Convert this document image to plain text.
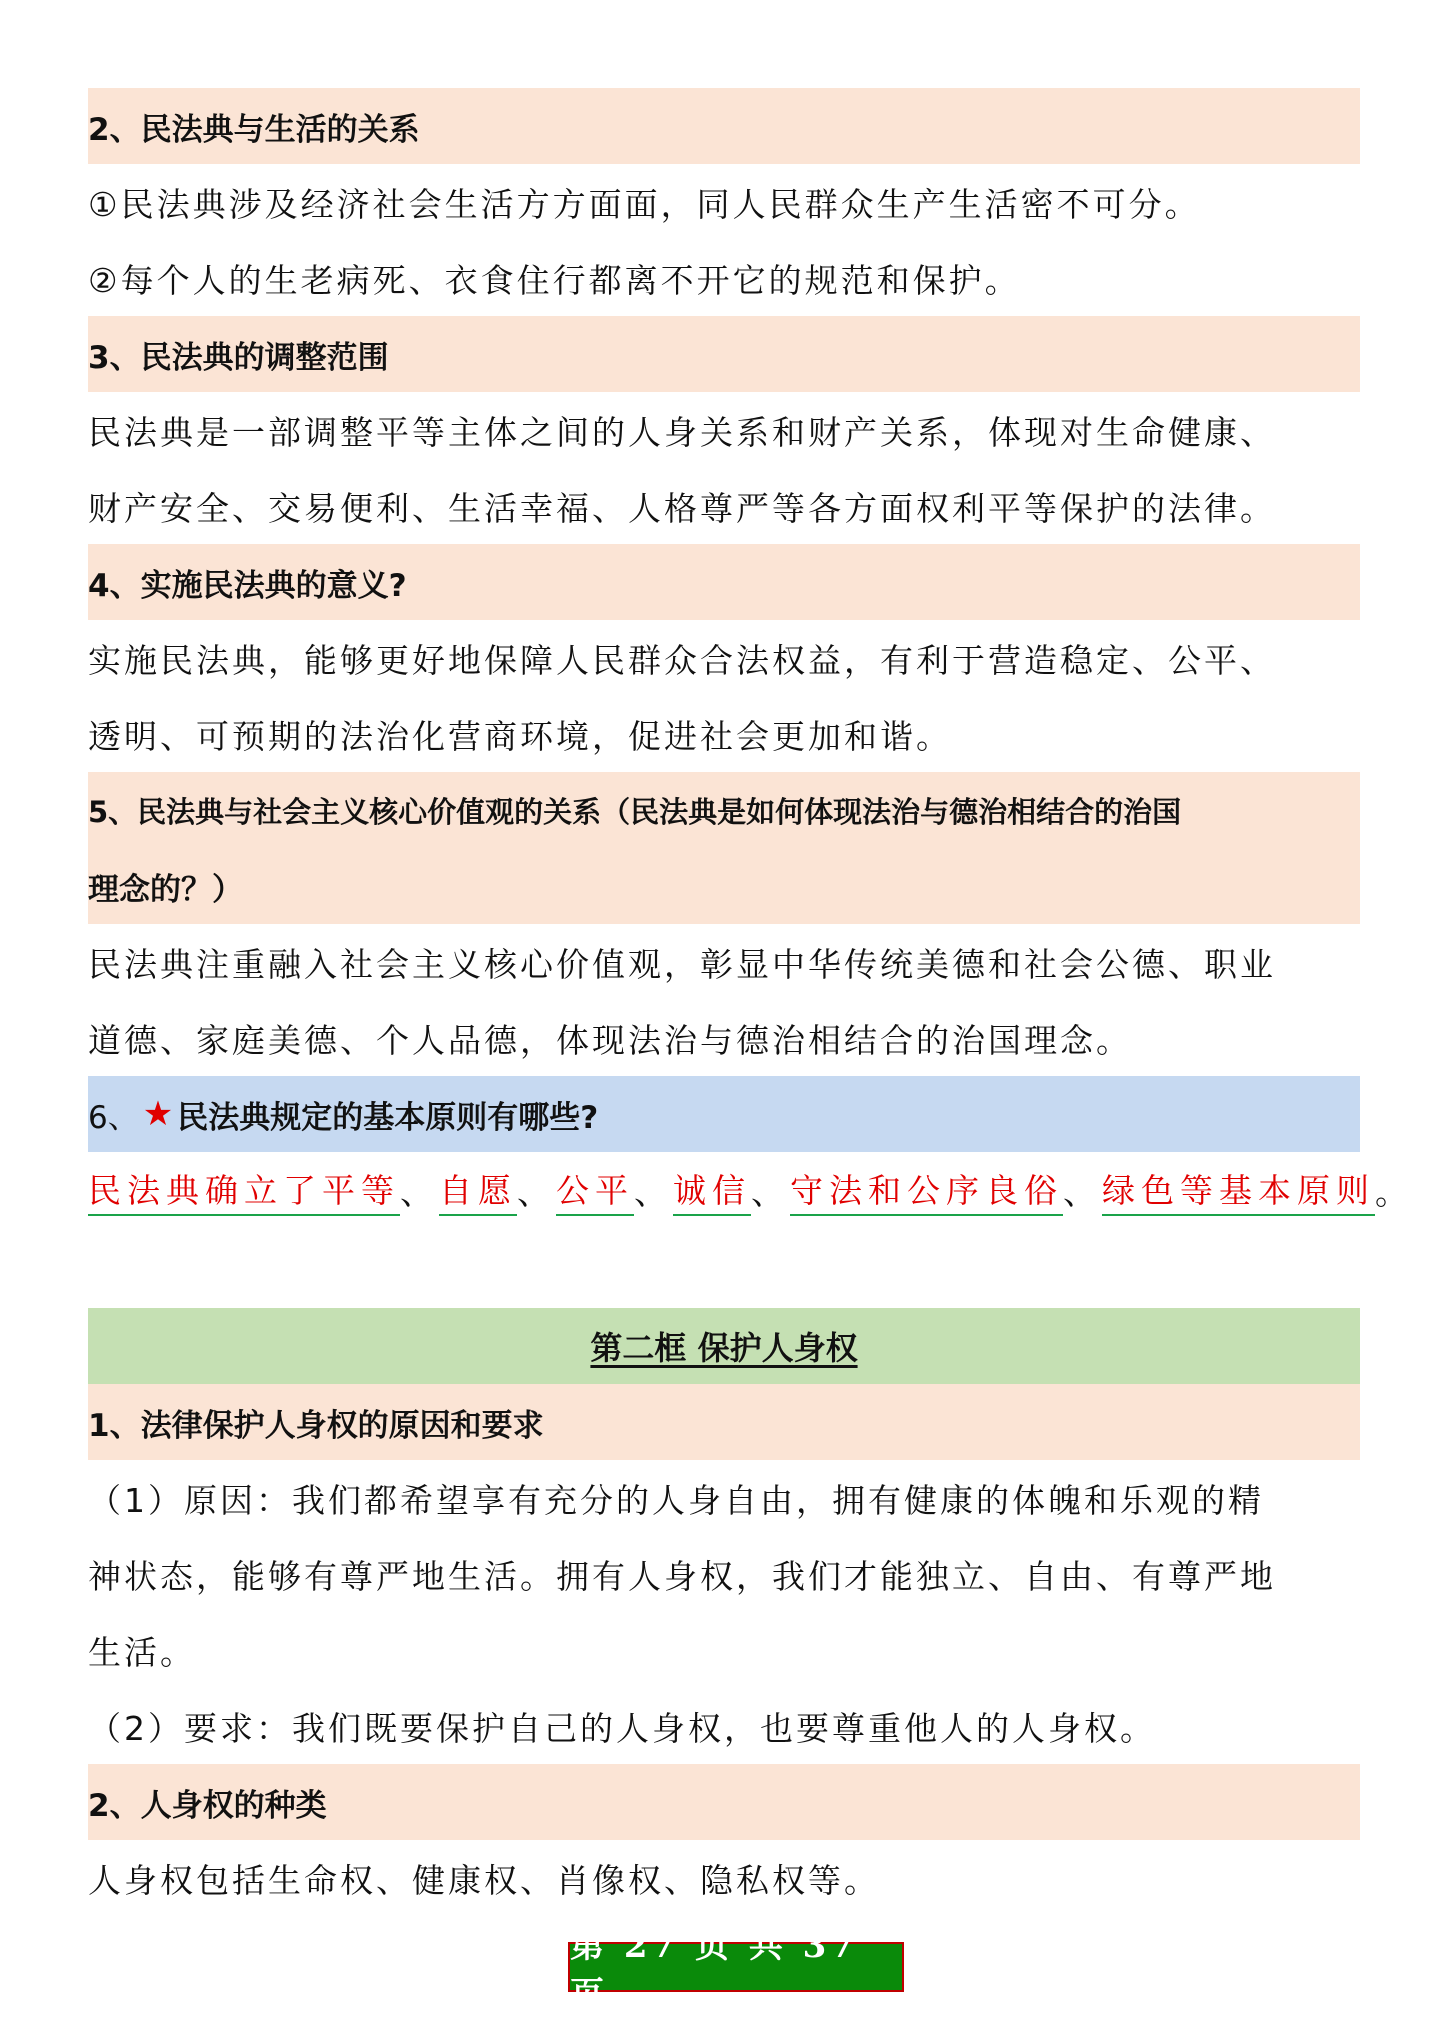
2、民法典与生活的关系
①民法典涉及经济社会生活方方面面，同人民群众生产生活密不可分。
②每个人的生老病死、衣食住行都离不开它的规范和保护。
3、民法典的调整范围
民法典是一部调整平等主体之间的人身关系和财产关系，体现对生命健康、
财产安全、交易便利、生活幸福、人格尊严等各方面权利平等保护的法律。
4、实施民法典的意义?
实施民法典，能够更好地保障人民群众合法权益，有利于营造稳定、公平、
透明、可预期的法治化营商环境，促进社会更加和谐。
5、民法典与社会主义核心价值观的关系（民法典是如何体现法治与德治相结合的治国
理念的？）
民法典注重融入社会主义核心价值观，彰显中华传统美德和社会公德、职业
道德、家庭美德、个人品德，体现法治与德治相结合的治国理念。
6、 ★ 民法典规定的基本原则有哪些?
民法典确立了平等 、 自愿 、 公平 、 诚信 、 守法和公序良俗 、 绿色等基本原则 。
第二框 保护人身权
1、法律保护人身权的原因和要求
（1）原因：我们都希望享有充分的人身自由，拥有健康的体魄和乐观的精
神状态，能够有尊严地生活。拥有人身权，我们才能独立、自由、有尊严地
生活。
（2）要求：我们既要保护自己的人身权，也要尊重他人的人身权。
2、人身权的种类
人身权包括生命权、健康权、肖像权、隐私权等。
第 27 页 共 37 页
